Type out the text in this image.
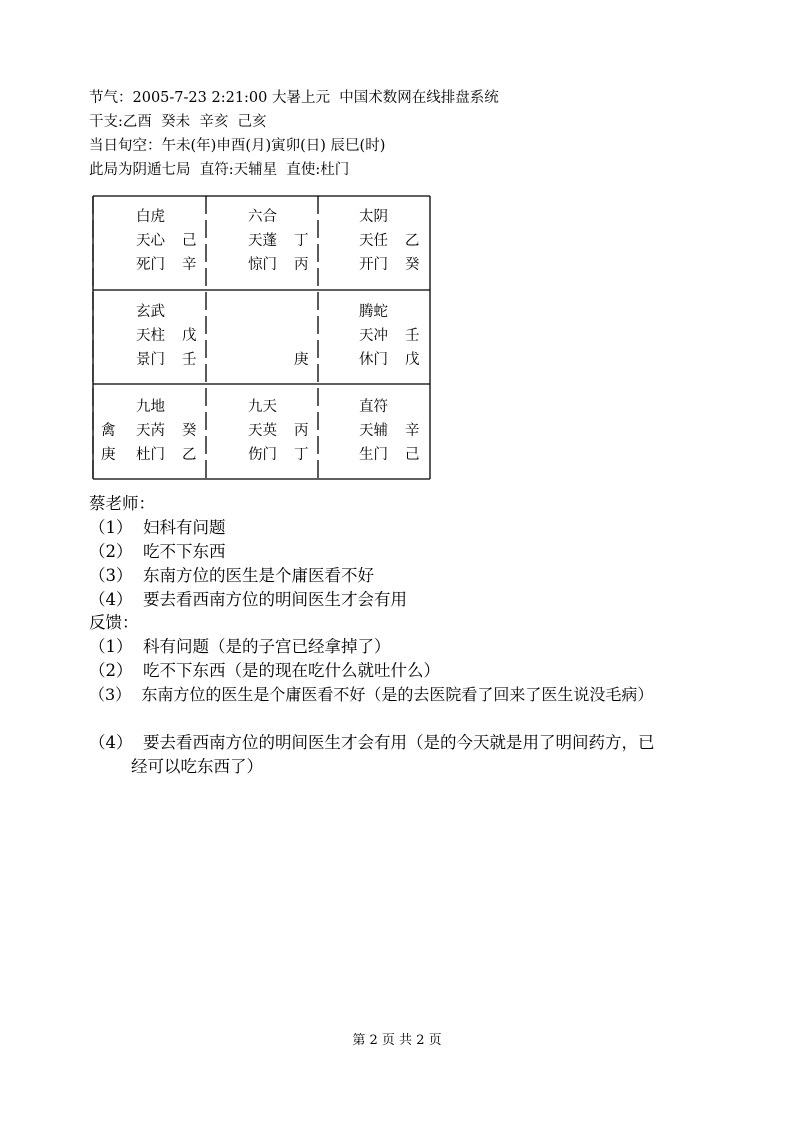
节气：2005-7-23 2:21:00 大暑上元  中国术数网在线排盘系统
干支:乙酉  癸未  辛亥  己亥
当日旬空：午未(年)申酉(月)寅卯(日) 辰巳(时)
此局为阴遁七局  直符:天辅星  直使:杜门
白虎
天心 己
死门 辛
六合
天蓬 丁
惊门 丙
太阴
天任 乙
开门 癸
玄武
天柱 戊
景门 壬	庚
腾蛇
天冲 壬
休门 戊
九地
禽 天芮 癸
庚 杜门 乙
九天
天英 丙
伤门 丁
直符
天辅 辛
生门 己
蔡老师：
（1）  妇科有问题
（2）  吃不下东西
（3）  东南方位的医生是个庸医看不好
（4）  要去看西南方位的明间医生才会有用
反馈：
（1）  科有问题（是的子宫已经拿掉了）
（2）  吃不下东西（是的现在吃什么就吐什么）
（3）  东南方位的医生是个庸医看不好（是的去医院看了回来了医生说没毛病）
（4）  要去看西南方位的明间医生才会有用（是的今天就是用了明间药方，已
经可以吃东西了）
第 2 页 共 2 页
